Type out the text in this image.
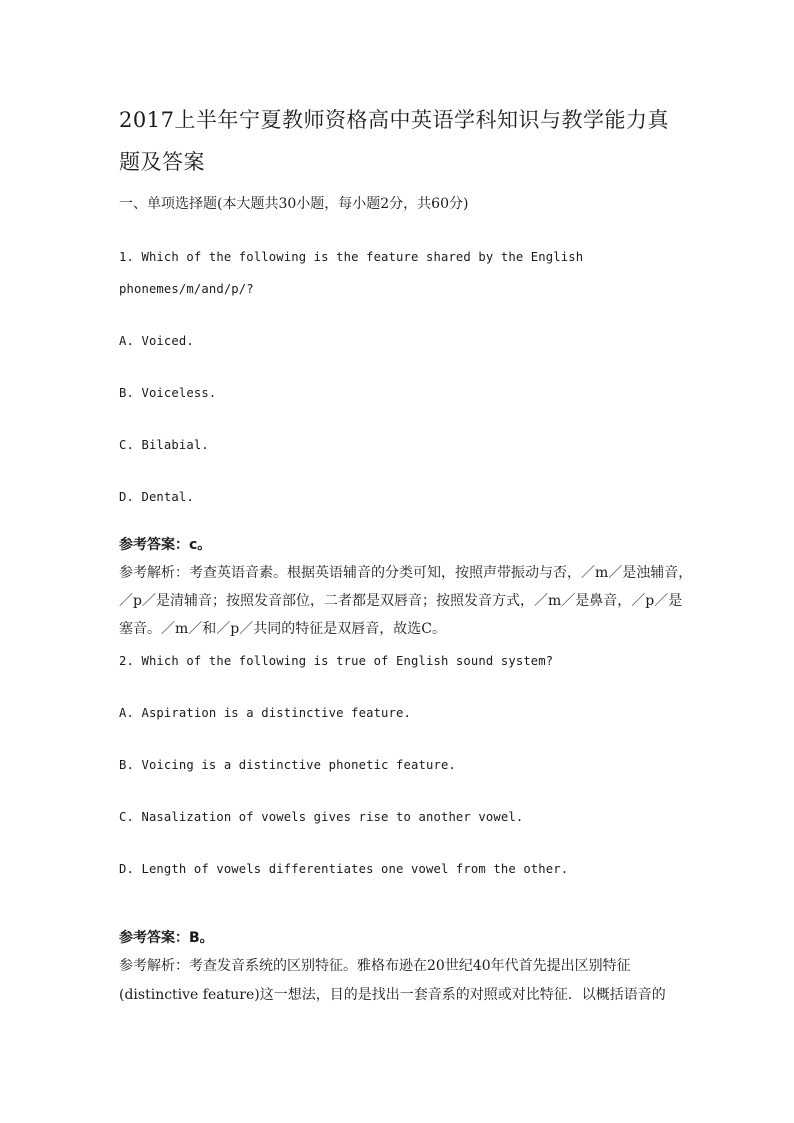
2017上半年宁夏教师资格高中英语学科知识与教学能力真
题及答案
一、单项选择题(本大题共30小题，每小题2分，共60分)
1. Which of the following is the feature shared by the English
phonemes/m/and/p/?
A. Voiced.
B. Voiceless.
C. Bilabial.
D. Dental.
参考答案：c。
参考解析：考查英语音素。根据英语辅音的分类可知，按照声带振动与否，／m／是浊辅音，
／p／是清辅音；按照发音部位，二者都是双唇音；按照发音方式，／m／是鼻音，／p／是
塞音。／m／和／p／共同的特征是双唇音，故选C。
2. Which of the following is true of English sound system?
A. Aspiration is a distinctive feature.
B. Voicing is a distinctive phonetic feature.
C. Nasalization of vowels gives rise to another vowel.
D. Length of vowels differentiates one vowel from the other.
参考答案：B。
参考解析：考查发音系统的区别特征。雅格布逊在20世纪40年代首先提出区别特征
(distinctive feature)这一想法，目的是找出一套音系的对照或对比特征．以概括语音的
